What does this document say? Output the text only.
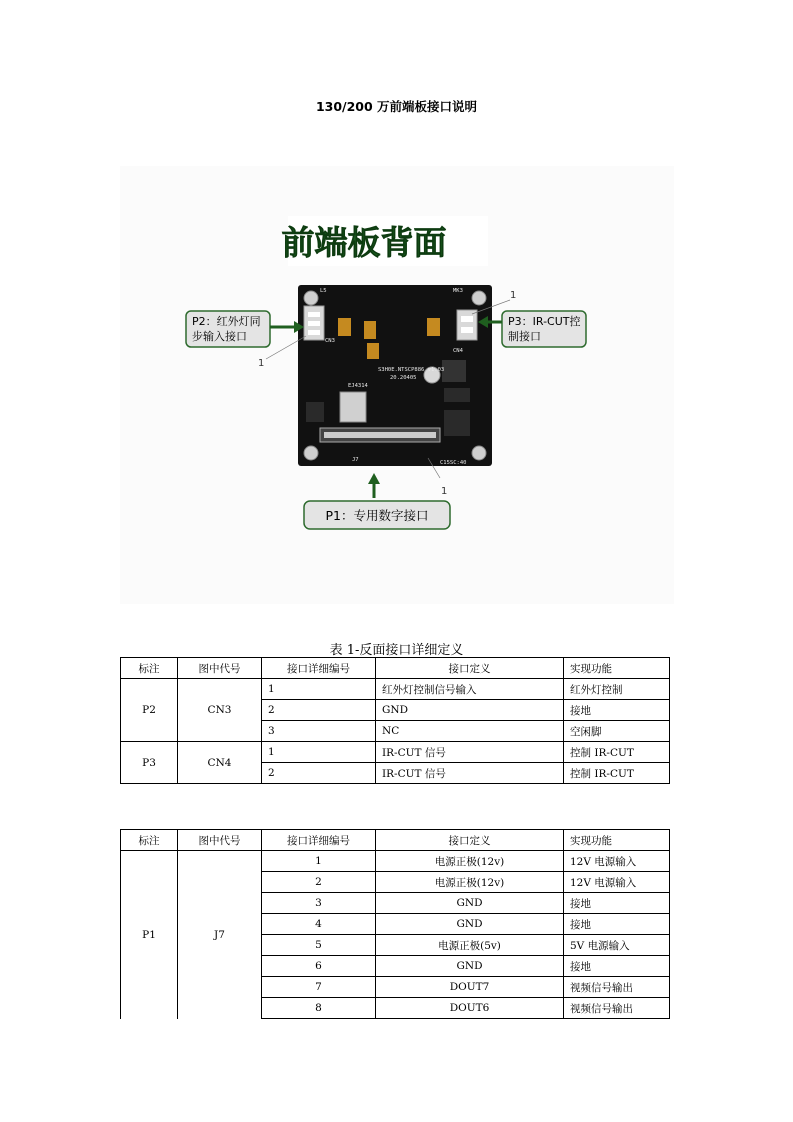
130/200 万前端板接口说明
前端板背面
CN3
CN4
MK3
L5
S3H0E.NTSCP886 v1.03
20.20405
EJ4314
C15SC:40
J7
P2：红外灯同
步输入接口
1
P3：IR-CUT控
制接口
1
P1：专用数字接口
1
表 1-反面接口详细定义
标注	图中代号	接口详细编号	接口定义	实现功能
P2	CN3	1	红外灯控制信号输入	红外灯控制
		2	GND	接地
		3	NC	空闲脚
P3	CN4	1	IR-CUT 信号	控制 IR-CUT
		2	IR-CUT 信号	控制 IR-CUT
标注	图中代号	接口详细编号	接口定义	实现功能
P1	J7	1	电源正极(12v)	12V 电源输入
		2	电源正极(12v)	12V 电源输入
		3	GND	接地
		4	GND	接地
		5	电源正极(5v)	5V 电源输入
		6	GND	接地
		7	DOUT7	视频信号输出
		8	DOUT6	视频信号输出
